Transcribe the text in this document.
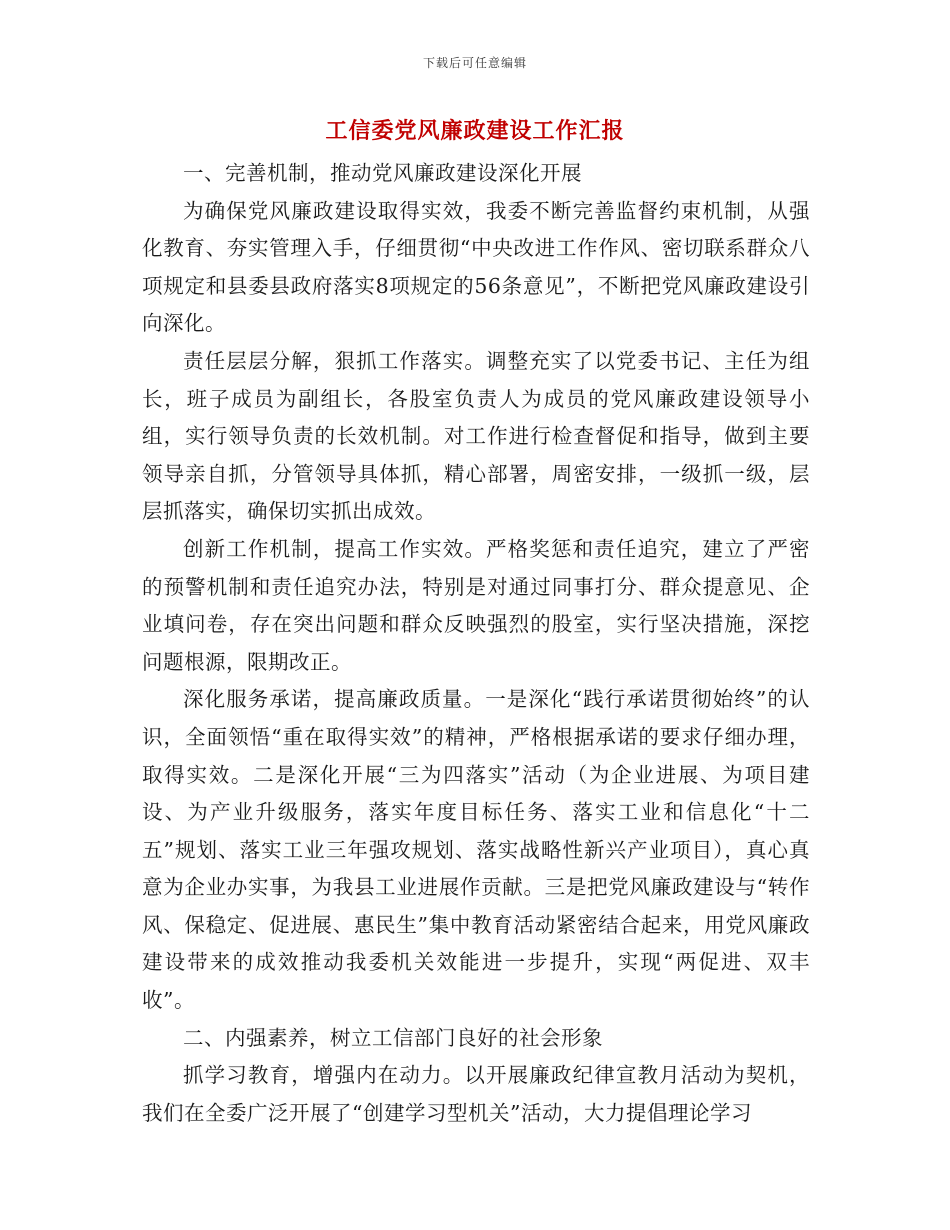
下载后可任意编辑
工信委党风廉政建设工作汇报

一、完善机制，推动党风廉政建设深化开展

为确保党风廉政建设取得实效，我委不断完善监督约束机制，从强化教育、夯实管理入手，仔细贯彻“中央改进工作作风、密切联系群众八项规定和县委县政府落实8项规定的56条意见”，不断把党风廉政建设引向深化。

责任层层分解，狠抓工作落实。调整充实了以党委书记、主任为组长，班子成员为副组长，各股室负责人为成员的党风廉政建设领导小组，实行领导负责的长效机制。对工作进行检查督促和指导，做到主要领导亲自抓，分管领导具体抓，精心部署，周密安排，一级抓一级，层层抓落实，确保切实抓出成效。

创新工作机制，提高工作实效。严格奖惩和责任追究，建立了严密的预警机制和责任追究办法，特别是对通过同事打分、群众提意见、企业填问卷，存在突出问题和群众反映强烈的股室，实行坚决措施，深挖问题根源，限期改正。

深化服务承诺，提高廉政质量。一是深化“践行承诺贯彻始终”的认识，全面领悟“重在取得实效”的精神，严格根据承诺的要求仔细办理，取得实效。二是深化开展“三为四落实”活动（为企业进展、为项目建设、为产业升级服务，落实年度目标任务、落实工业和信息化“十二五”规划、落实工业三年强攻规划、落实战略性新兴产业项目），真心真意为企业办实事，为我县工业进展作贡献。三是把党风廉政建设与“转作风、保稳定、促进展、惠民生”集中教育活动紧密结合起来，用党风廉政建设带来的成效推动我委机关效能进一步提升，实现“两促进、双丰收”。

二、内强素养，树立工信部门良好的社会形象

抓学习教育，增强内在动力。以开展廉政纪律宣教月活动为契机，我们在全委广泛开展了“创建学习型机关”活动，大力提倡理论学习
